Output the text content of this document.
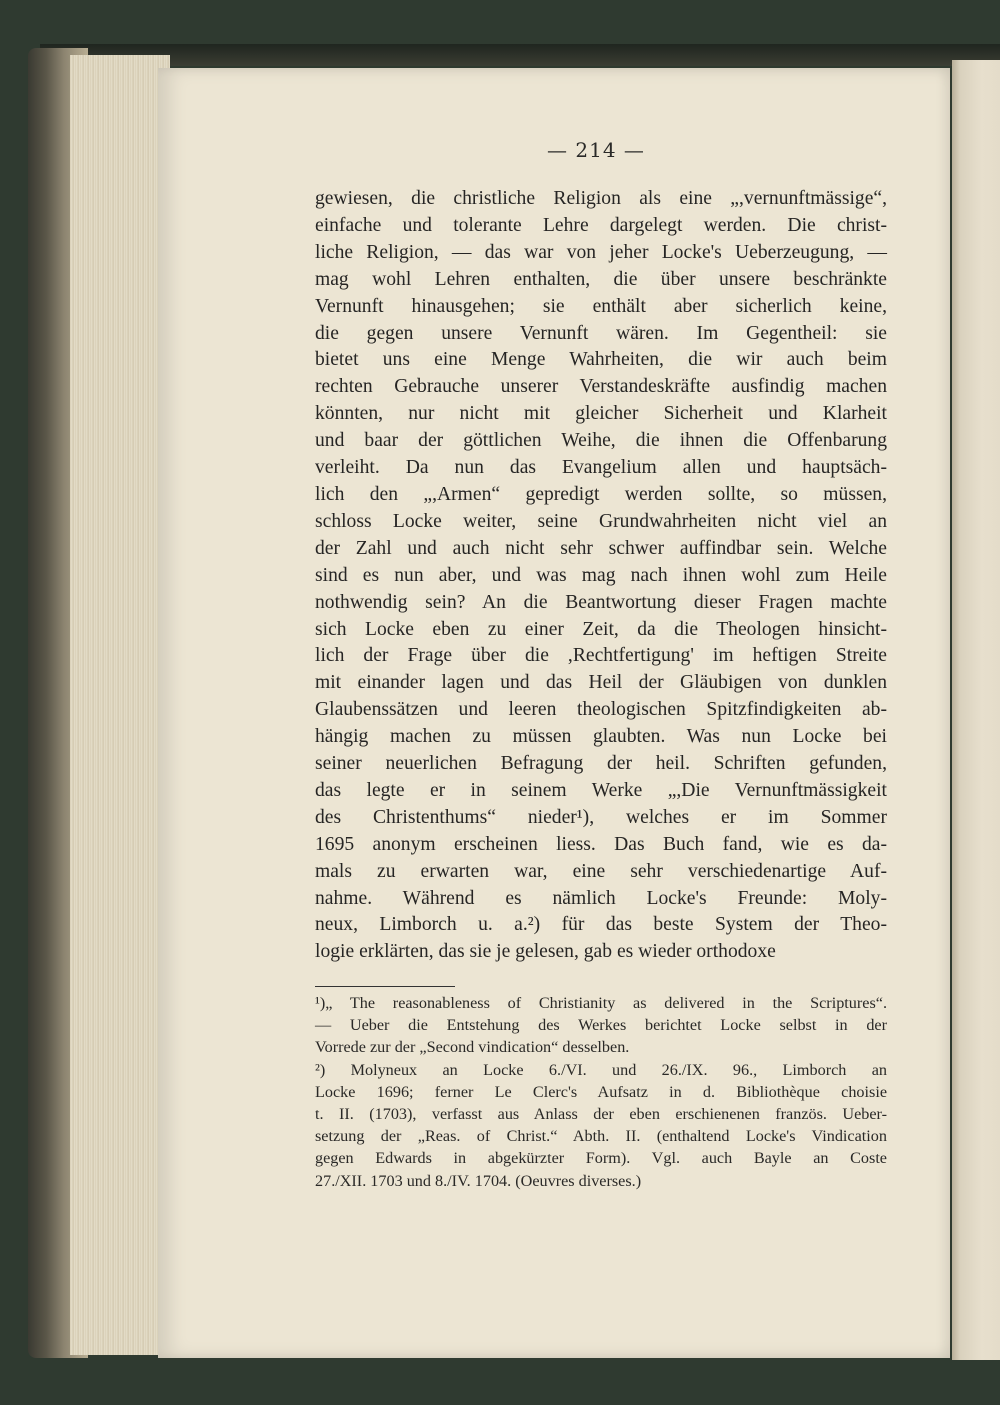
— 214 —
gewiesen, die christliche Religion als eine „,vernunftmässige“,
einfache und tolerante Lehre dargelegt werden. Die christ-
liche Religion, — das war von jeher Locke's Ueberzeugung, —
mag wohl Lehren enthalten, die über unsere beschränkte
Vernunft hinausgehen; sie enthält aber sicherlich keine,
die gegen unsere Vernunft wären. Im Gegentheil: sie
bietet uns eine Menge Wahrheiten, die wir auch beim
rechten Gebrauche unserer Verstandeskräfte ausfindig machen
könnten, nur nicht mit gleicher Sicherheit und Klarheit
und baar der göttlichen Weihe, die ihnen die Offenbarung
verleiht. Da nun das Evangelium allen und hauptsäch-
lich den „,Armen“ gepredigt werden sollte, so müssen,
schloss Locke weiter, seine Grundwahrheiten nicht viel an
der Zahl und auch nicht sehr schwer auffindbar sein. Welche
sind es nun aber, und was mag nach ihnen wohl zum Heile
nothwendig sein? An die Beantwortung dieser Fragen machte
sich Locke eben zu einer Zeit, da die Theologen hinsicht-
lich der Frage über die ,Rechtfertigung' im heftigen Streite
mit einander lagen und das Heil der Gläubigen von dunklen
Glaubenssätzen und leeren theologischen Spitzfindigkeiten ab-
hängig machen zu müssen glaubten. Was nun Locke bei
seiner neuerlichen Befragung der heil. Schriften gefunden,
das legte er in seinem Werke „,Die Vernunftmässigkeit
des Christenthums“ nieder¹), welches er im Sommer
1695 anonym erscheinen liess. Das Buch fand, wie es da-
mals zu erwarten war, eine sehr verschiedenartige Auf-
nahme. Während es nämlich Locke's Freunde: Moly-
neux, Limborch u. a.²) für das beste System der Theo-
logie erklärten, das sie je gelesen, gab es wieder orthodoxe
¹)„ The reasonableness of Christianity as delivered in the Scriptures“.
— Ueber die Entstehung des Werkes berichtet Locke selbst in der
Vorrede zur der „Second vindication“ desselben.
²) Molyneux an Locke 6./VI. und 26./IX. 96., Limborch an
Locke 1696; ferner Le Clerc's Aufsatz in d. Bibliothèque choisie
t. II. (1703), verfasst aus Anlass der eben erschienenen französ. Ueber-
setzung der „Reas. of Christ.“ Abth. II. (enthaltend Locke's Vindication
gegen Edwards in abgekürzter Form). Vgl. auch Bayle an Coste
27./XII. 1703 und 8./IV. 1704. (Oeuvres diverses.)
